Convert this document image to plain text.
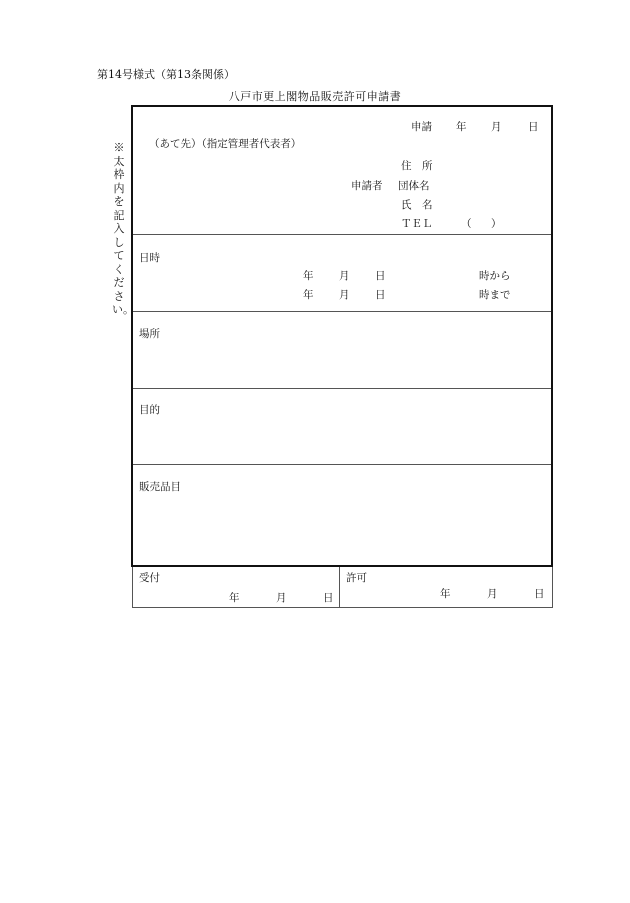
第14号様式（第13条関係）
八戸市更上閣物品販売許可申請書
※太枠内を記入してください。
申請 年 月	日
（あて先）（指定管理者代表者）
住　所
申請者 団体名
氏　名
ＴＥＬ	（ ）
日時
年 月 日	時から
年 月 日	時まで
場所
目的
販売品目
受付
年	月	日
許可
年	月	日
